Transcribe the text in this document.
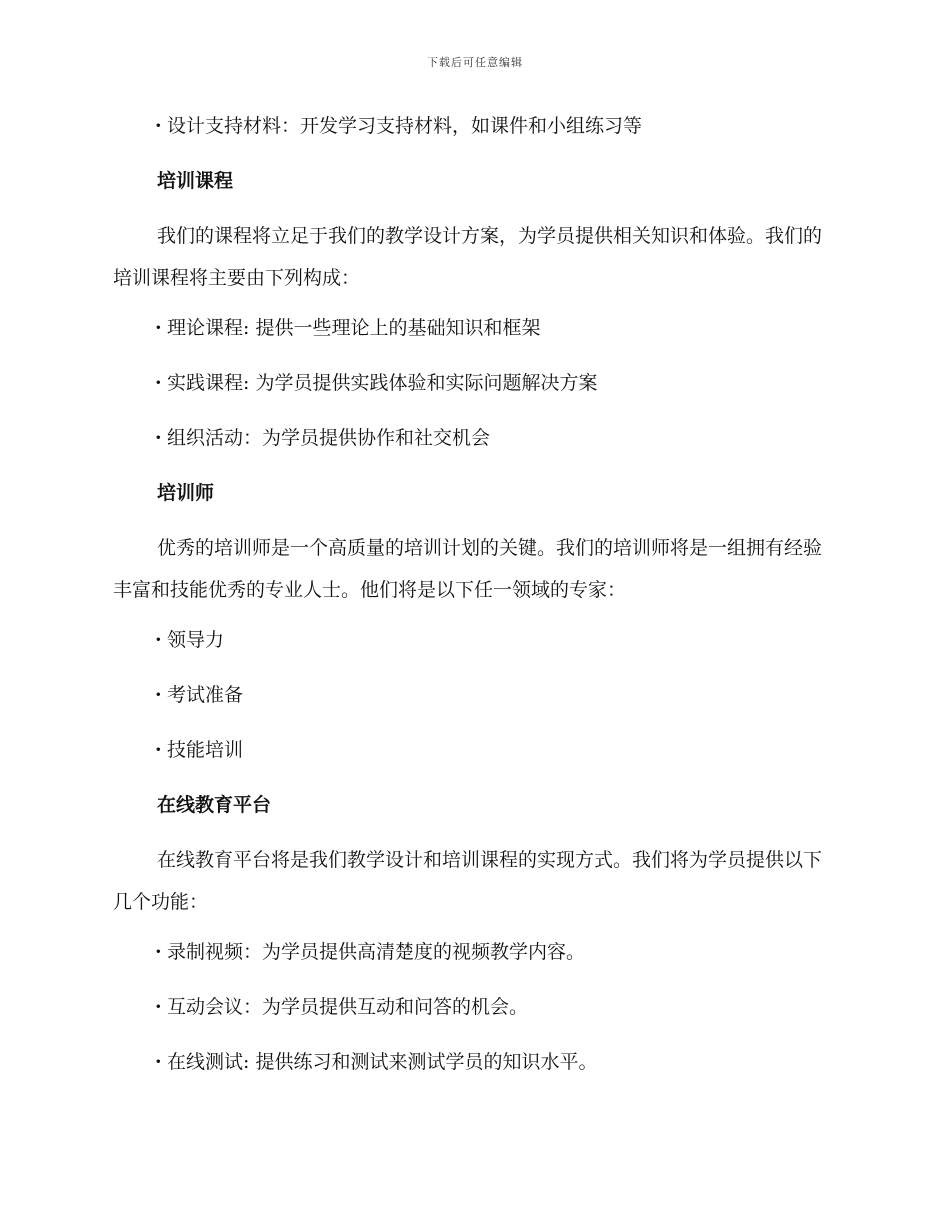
下载后可任意编辑
· 设计支持材料：开发学习支持材料，如课件和小组练习等
培训课程

我们的课程将立足于我们的教学设计方案，为学员提供相关知识和体验。我们的培训课程将主要由下列构成：

· 理论课程: 提供一些理论上的基础知识和框架
· 实践课程: 为学员提供实践体验和实际问题解决方案
· 组织活动：为学员提供协作和社交机会
培训师

优秀的培训师是一个高质量的培训计划的关键。我们的培训师将是一组拥有经验丰富和技能优秀的专业人士。他们将是以下任一领域的专家：

· 领导力
· 考试准备
· 技能培训
在线教育平台

在线教育平台将是我们教学设计和培训课程的实现方式。我们将为学员提供以下几个功能：

· 录制视频：为学员提供高清楚度的视频教学内容。
· 互动会议：为学员提供互动和问答的机会。
· 在线测试: 提供练习和测试来测试学员的知识水平。
